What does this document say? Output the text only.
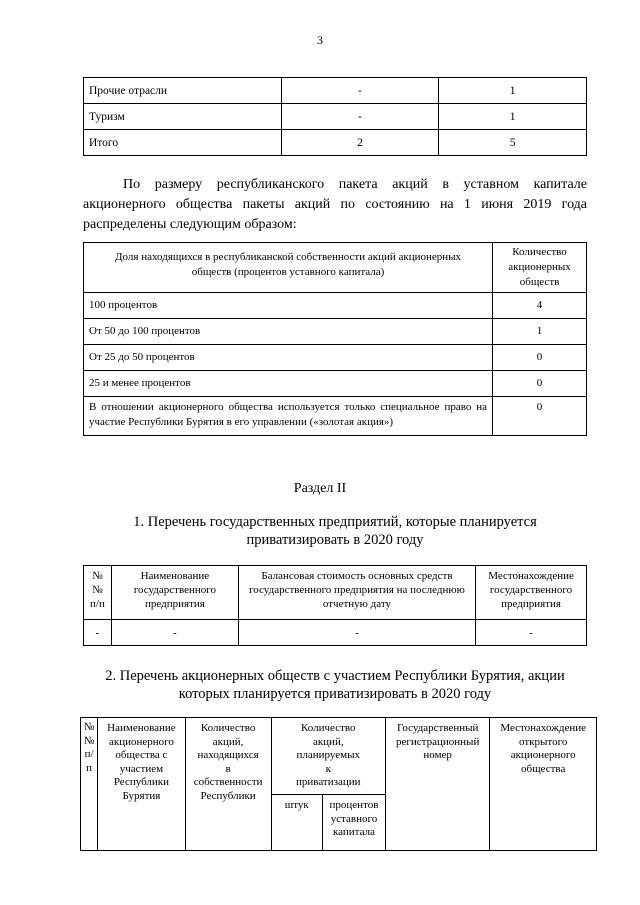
3
Прочие отрасли	-	1
Туризм	-	1
Итого	2	5
По размеру республиканского пакета акций в уставном капитале акционерного общества пакеты акций по состоянию на 1 июня 2019 года распределены следующим образом:
Доля находящихся в республиканской собственности акций акционерных обществ (процентов уставного капитала)	Количество акционерных обществ
100 процентов	4
От 50 до 100 процентов	1
От 25 до 50 процентов	0
25 и менее процентов	0
В отношении акционерного общества используется только специальное право на участие Республики Бурятия в его управлении («золотая акция»)	0
Раздел II
1. Перечень государственных предприятий, которые планируется приватизировать в 2020 году
№№ п/п	Наименование государственного предприятия	Балансовая стоимость основных средств государственного предприятия на последнюю отчетную дату	Местонахождение государственного предприятия
-	-	-	-
2. Перечень акционерных обществ с участием Республики Бурятия, акции которых планируется приватизировать в 2020 году
№№ п/п	Наименование акционерного общества с участием Республики Бурятия	Количество акций, находящихся в собственности Республики	Количество акций, планируемых к приватизации		Государственный регистрационный номер	Местонахождение открытого акционерного общества
			штук	процентов уставного капитала		
